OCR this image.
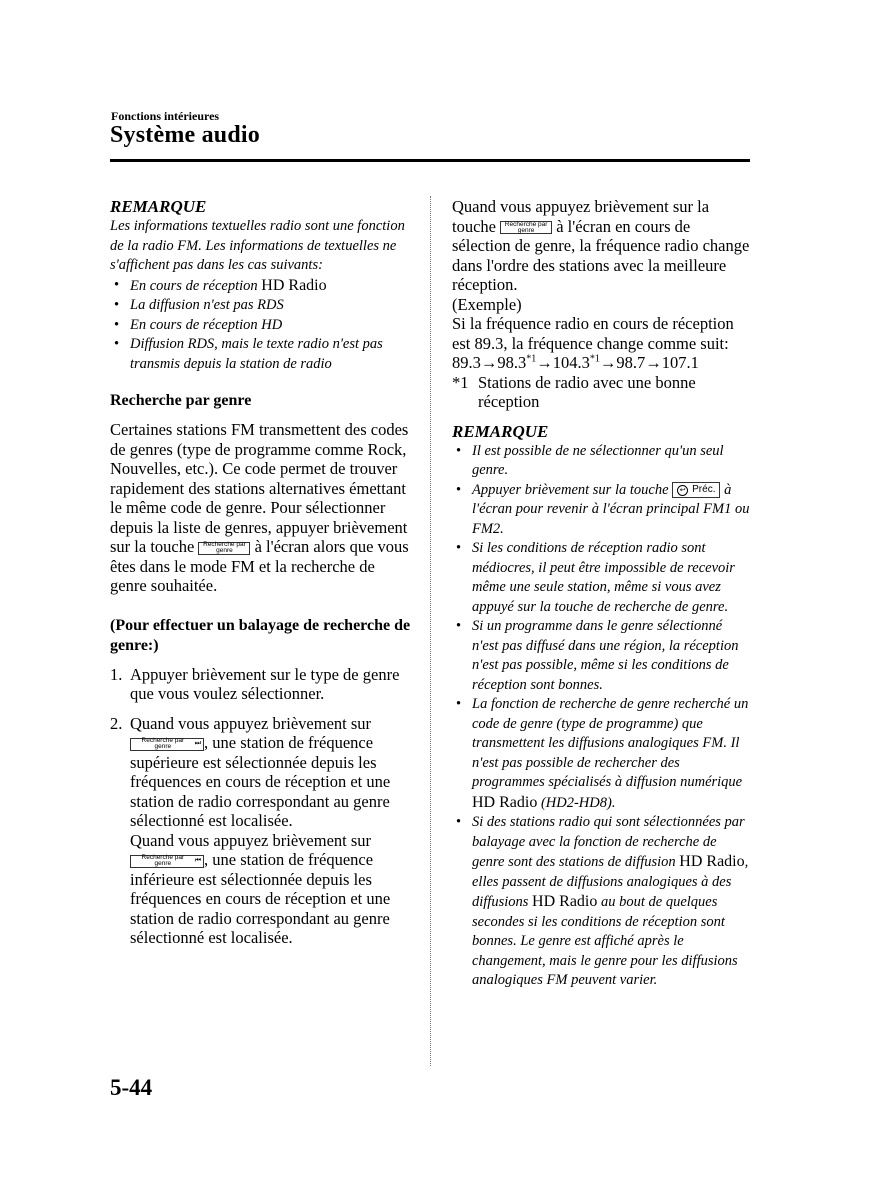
Fonctions intérieures
Système audio
REMARQUE
Les informations textuelles radio sont une fonction de la radio FM. Les informations de textuelles ne s'affichent pas dans les cas suivants:
• En cours de réception HD Radio
• La diffusion n'est pas RDS
• En cours de réception HD
• Diffusion RDS, mais le texte radio n'est pas transmis depuis la station de radio
Recherche par genre
Certaines stations FM transmettent des codes de genres (type de programme comme Rock, Nouvelles, etc.). Ce code permet de trouver rapidement des stations alternatives émettant le même code de genre. Pour sélectionner depuis la liste de genres, appuyer brièvement sur la touche Recherche par genre	à l'écran alors que vous êtes dans le mode FM et la recherche de genre souhaitée.
(Pour effectuer un balayage de recherche de genre:)
1. Appuyer brièvement sur le type de genre que vous voulez sélectionner.
2. Quand vous appuyez brièvement sur
Recherche par genre	⏭ , une station de fréquence supérieure est sélectionnée depuis les fréquences en cours de réception et une station de radio correspondant au genre sélectionné est localisée.
Quand vous appuyez brièvement sur
Recherche par genre	⏮ , une station de fréquence inférieure est sélectionnée depuis les fréquences en cours de réception et une station de radio correspondant au genre sélectionné est localisée.
Quand vous appuyez brièvement sur la touche Recherche par genre	à l'écran en cours de sélection de genre, la fréquence radio change dans l'ordre des stations avec la meilleure réception.
(Exemple)
Si la fréquence radio en cours de réception est 89.3, la fréquence change comme suit:
$89.3\to 98.3^{*1}\to 104.3^{*1}\to 98.7\to 107.1$
*1 Stations de radio avec une bonne réception
REMARQUE
• Il est possible de ne sélectionner qu'un seul genre.
• Appuyer brièvement sur la touche	↩ Préc. à l'écran pour revenir à l'écran principal FM1 ou FM2.
• Si les conditions de réception radio sont médiocres, il peut être impossible de recevoir même une seule station, même si vous avez appuyé sur la touche de recherche de genre.
• Si un programme dans le genre sélectionné n'est pas diffusé dans une région, la réception n'est pas possible, même si les conditions de réception sont bonnes.
• La fonction de recherche de genre recherché un code de genre (type de programme) que transmettent les diffusions analogiques FM. Il n'est pas possible de rechercher des programmes spécialisés à diffusion numérique HD Radio (HD2-HD8).
• Si des stations radio qui sont sélectionnées par balayage avec la fonction de recherche de genre sont des stations de diffusion HD Radio, elles passent de diffusions analogiques à des diffusions HD Radio au bout de quelques secondes si les conditions de réception sont bonnes. Le genre est affiché après le changement, mais le genre pour les diffusions analogiques FM peuvent varier.
5-44
